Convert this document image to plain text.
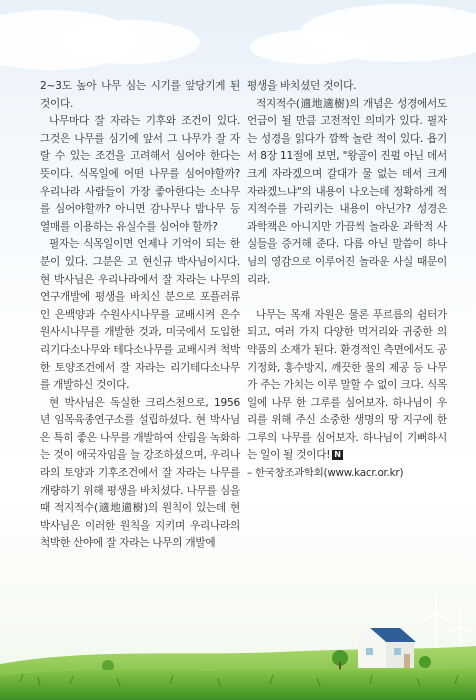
2~3도 높아 나무 심는 시기를 앞당기게 된 것이다.

나무마다 잘 자라는 기후와 조건이 있다. 그것은 나무를 심기에 앞서 그 나무가 잘 자랄 수 있는 조건을 고려해서 심어야 한다는 뜻이다. 식목일에 어떤 나무를 심어야할까? 우리나라 사람들이 가장 좋아한다는 소나무를 심어야할까? 아니면 감나무나 밤나무 등 열매를 이용하는 유실수를 심어야 할까?

필자는 식목일이면 언제나 기억이 되는 한 분이 있다. 그분은 고 현신규 박사님이시다. 현 박사님은 우리나라에서 잘 자라는 나무의 연구개발에 평생을 바치신 분으로 포플러류인 은백양과 수원사시나무를 교배시켜 은수원사시나무를 개발한 것과, 미국에서 도입한 리기다소나무와 테다소나무를 교배시켜 척박한 토양조건에서 잘 자라는 리기테다소나무를 개발하신 것이다.

현 박사님은 독실한 크리스천으로, 1956년 임목육종연구소를 설립하셨다. 현 박사님은 특히 좋은 나무를 개발하여 산림을 녹화하는 것이 애국자임을 늘 강조하셨으며, 우리나라의 토양과 기후조건에서 잘 자라는 나무를 개량하기 위해 평생을 바치셨다. 나무를 심을 때 적지적수(適地適樹)의 원칙이 있는데 현 박사님은 이러한 원칙을 지키며 우리나라의 척박한 산야에 잘 자라는 나무의 개발에

평생을 바치셨던 것이다.

적지적수(適地適樹)의 개념은 성경에서도 언급이 될 만큼 고전적인 의미가 있다. 필자는 성경을 읽다가 깜짝 놀란 적이 있다. 욥기서 8장 11절에 보면, "왕골이 진펄 아닌 데서 크게 자라겠으며 갈대가 물 없는 데서 크게 자라겠느냐"의 내용이 나오는데 정확하게 적지적수를 가리키는 내용이 아닌가? 성경은 과학책은 아니지만 가끔씩 놀라운 과학적 사실들을 증거해 준다. 다름 아닌 말씀이 하나님의 영감으로 이루어진 놀라운 사실 때문이리라.

나무는 목재 자원은 물론 푸르름의 쉼터가 되고, 여러 가지 다양한 먹거리와 귀중한 의약품의 소재가 된다. 환경적인 측면에서도 공기정화, 홍수방지, 깨끗한 물의 제공 등 나무가 주는 가치는 이루 말할 수 없이 크다. 식목일에 나무 한 그루를 심어보자. 하나님이 우리를 위해 주신 소중한 생명의 땅 지구에 한 그루의 나무를 심어보자. 하나님이 기뻐하시는 일이 될 것이다! N

– 한국창조과학회(www.kacr.or.kr)
